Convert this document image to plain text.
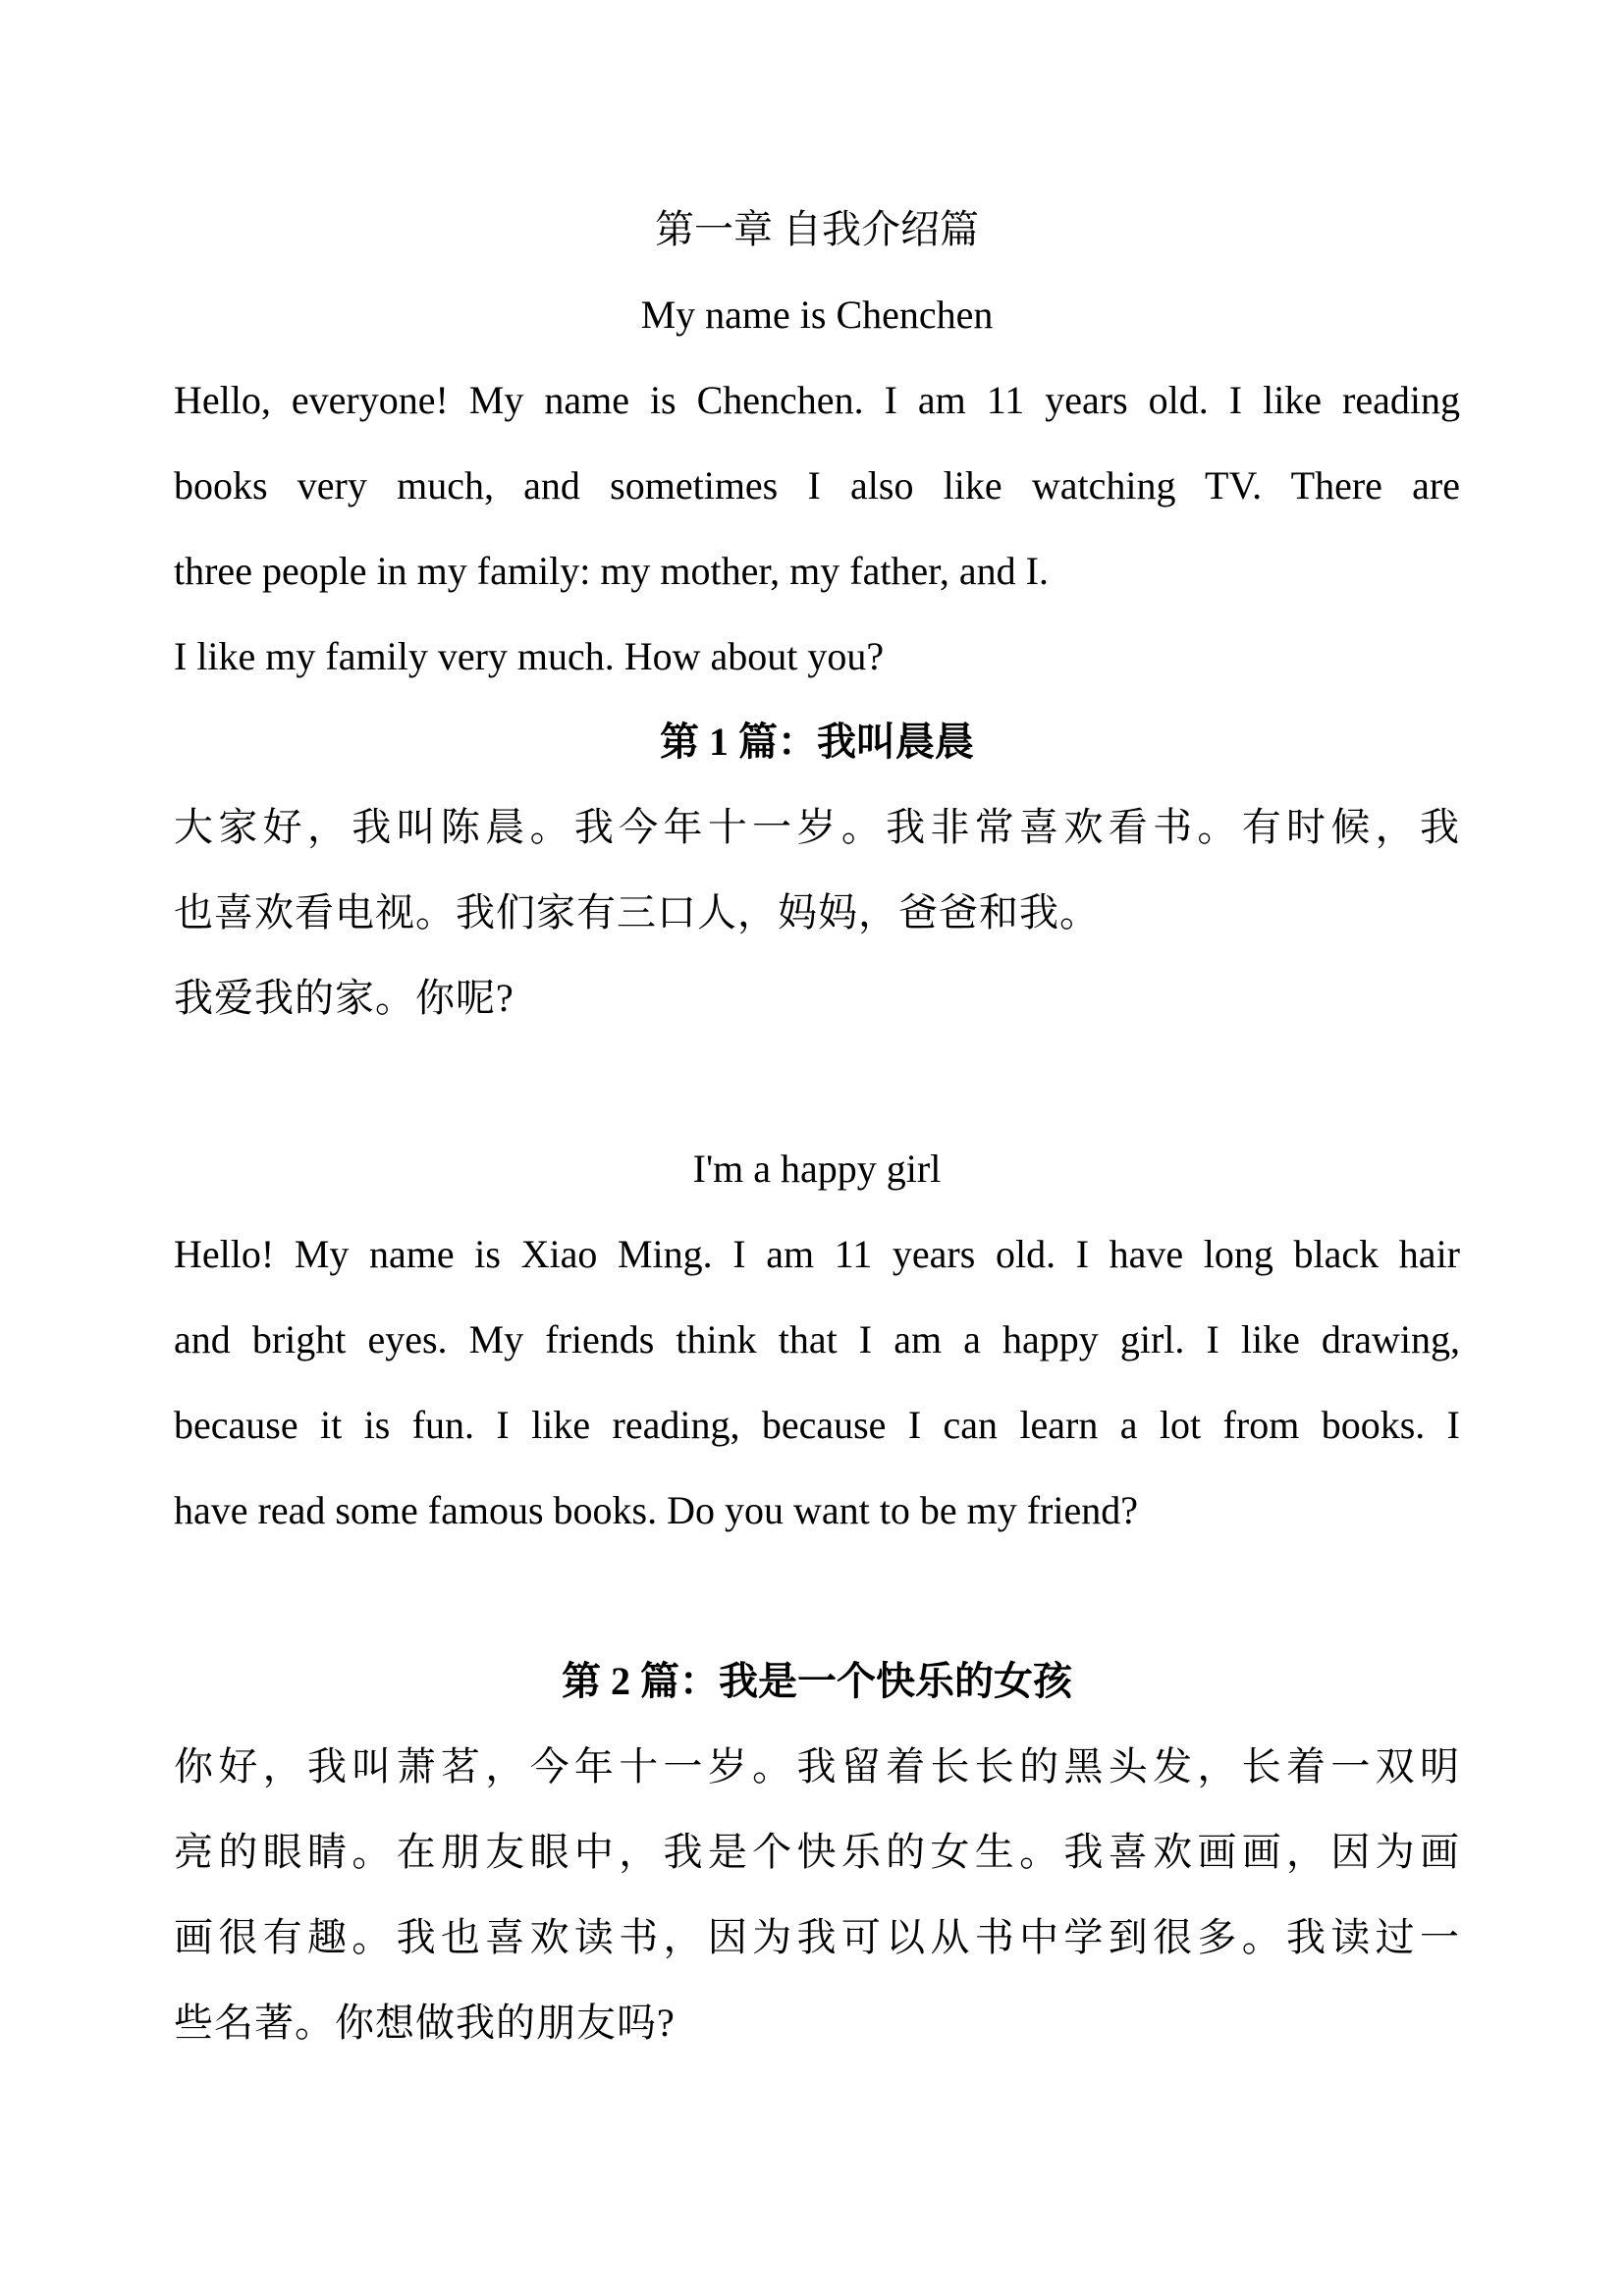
第一章 自我介绍篇
My name is Chenchen
Hello, everyone! My name is Chenchen. I am 11 years old. I like reading
books very much, and sometimes I also like watching TV. There are
three people in my family: my mother, my father, and I.
I like my family very much. How about you?
第 1 篇：我叫晨晨
大家好，我叫陈晨。我今年十一岁。我非常喜欢看书。有时候，我
也喜欢看电视。我们家有三口人，妈妈，爸爸和我。
我爱我的家。你呢?
I'm a happy girl
Hello! My name is Xiao Ming. I am 11 years old. I have long black hair
and bright eyes. My friends think that I am a happy girl. I like drawing,
because it is fun. I like reading, because I can learn a lot from books. I
have read some famous books. Do you want to be my friend?
第 2 篇：我是一个快乐的女孩
你好，我叫萧茗，今年十一岁。我留着长长的黑头发，长着一双明
亮的眼睛。在朋友眼中，我是个快乐的女生。我喜欢画画，因为画
画很有趣。我也喜欢读书，因为我可以从书中学到很多。我读过一
些名著。你想做我的朋友吗?
